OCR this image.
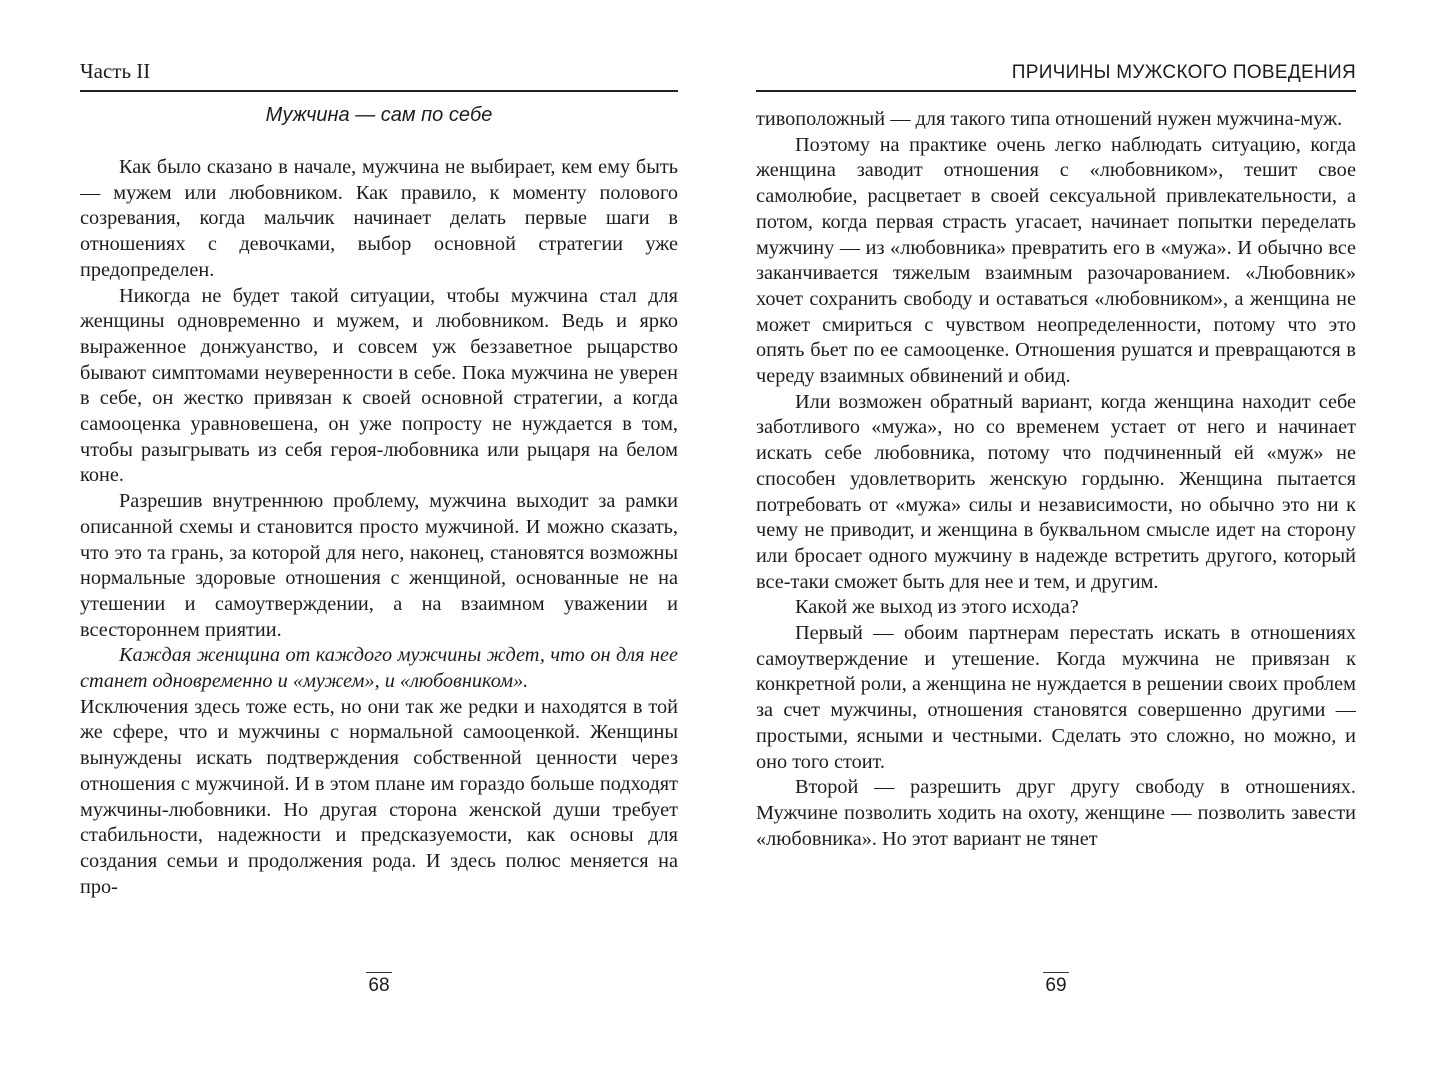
Часть II
Мужчина — сам по себе

Как было сказано в начале, мужчина не выбирает, кем ему быть — мужем или любовником. Как правило, к моменту полового созревания, когда мальчик начинает делать первые шаги в отношениях с девочками, выбор основной стратегии уже предопределен.

Никогда не будет такой ситуации, чтобы мужчина стал для женщины одновременно и мужем, и любовником. Ведь и ярко выраженное донжуанство, и совсем уж беззаветное рыцарство бывают симптомами неуверенности в себе. Пока мужчина не уверен в себе, он жестко привязан к своей основной стратегии, а когда самооценка уравновешена, он уже попросту не нуждается в том, чтобы разыгрывать из себя героя-любовника или рыцаря на белом коне.

Разрешив внутреннюю проблему, мужчина выходит за рамки описанной схемы и становится просто мужчиной. И можно сказать, что это та грань, за которой для него, наконец, становятся возможны нормальные здоровые отношения с женщиной, основанные не на утешении и самоутверждении, а на взаимном уважении и всестороннем приятии.

Каждая женщина от каждого мужчины ждет, что он для нее станет одновременно и «мужем», и «любовником».

Исключения здесь тоже есть, но они так же редки и находятся в той же сфере, что и мужчины с нормальной самооценкой. Женщины вынуждены искать подтверждения собственной ценности через отношения с мужчиной. И в этом плане им гораздо больше подходят мужчины-любовники. Но другая сторона женской души требует стабильности, надежности и предсказуемости, как основы для создания семьи и продолжения рода. И здесь полюс меняется на про-

68
ПРИЧИНЫ МУЖСКОГО ПОВЕДЕНИЯ

тивоположный — для такого типа отношений нужен мужчина-муж.

Поэтому на практике очень легко наблюдать ситуацию, когда женщина заводит отношения с «любовником», тешит свое самолюбие, расцветает в своей сексуальной привлекательности, а потом, когда первая страсть угасает, начинает попытки переделать мужчину — из «любовника» превратить его в «мужа». И обычно все заканчивается тяжелым взаимным разочарованием. «Любовник» хочет сохранить свободу и оставаться «любовником», а женщина не может смириться с чувством неопределенности, потому что это опять бьет по ее самооценке. Отношения рушатся и превращаются в череду взаимных обвинений и обид.

Или возможен обратный вариант, когда женщина находит себе заботливого «мужа», но со временем устает от него и начинает искать себе любовника, потому что подчиненный ей «муж» не способен удовлетворить женскую гордыню. Женщина пытается потребовать от «мужа» силы и независимости, но обычно это ни к чему не приводит, и женщина в буквальном смысле идет на сторону или бросает одного мужчину в надежде встретить другого, который все-таки сможет быть для нее и тем, и другим.

Какой же выход из этого исхода?

Первый — обоим партнерам перестать искать в отношениях самоутверждение и утешение. Когда мужчина не привязан к конкретной роли, а женщина не нуждается в решении своих проблем за счет мужчины, отношения становятся совершенно другими — простыми, ясными и честными. Сделать это сложно, но можно, и оно того стоит.

Второй — разрешить друг другу свободу в отношениях. Мужчине позволить ходить на охоту, женщине — позволить завести «любовника». Но этот вариант не тянет

69
